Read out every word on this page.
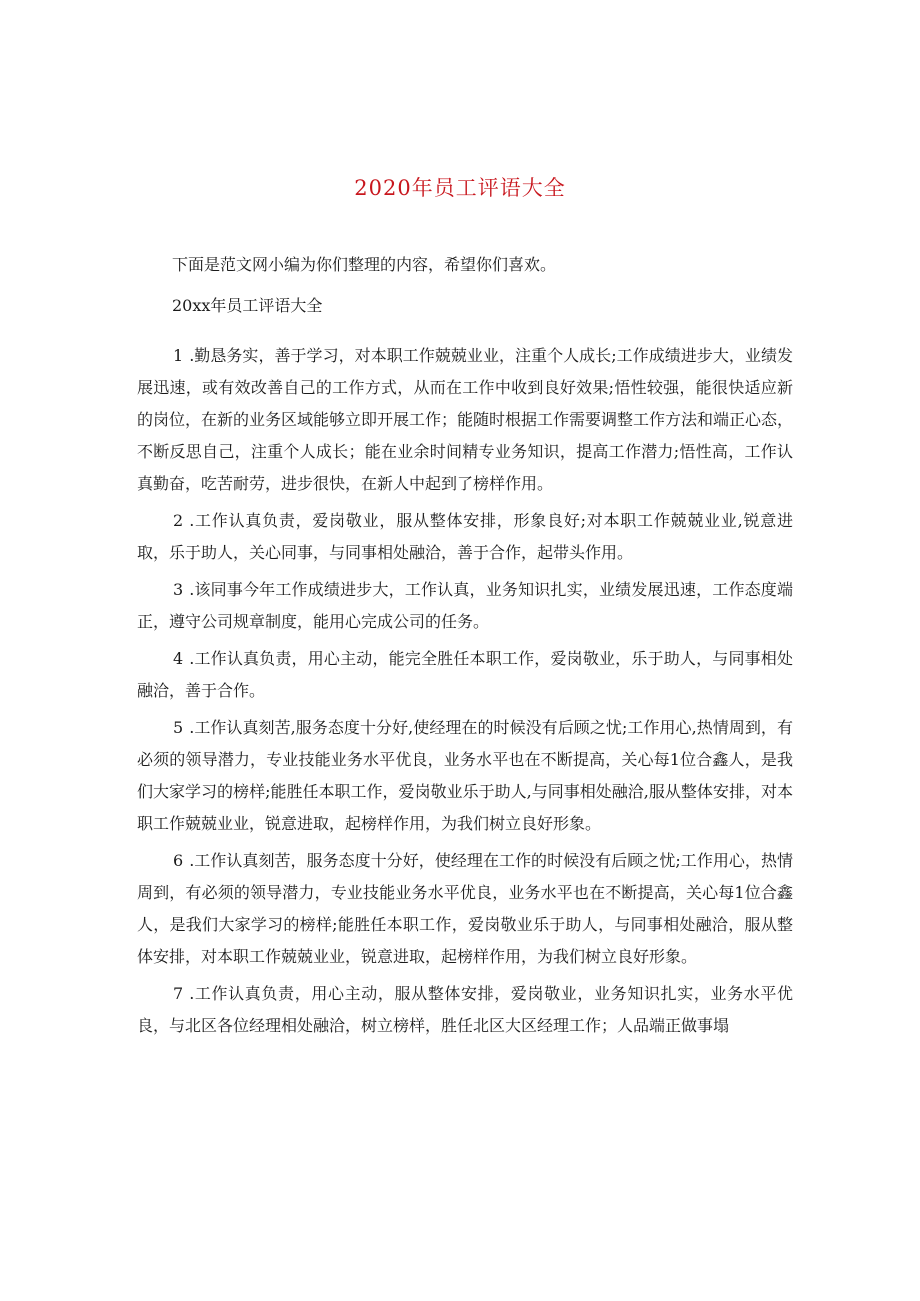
2020年员工评语大全

下面是范文网小编为你们整理的内容，希望你们喜欢。

20xx年员工评语大全

1 .勤恳务实，善于学习，对本职工作兢兢业业，注重个人成长;工作成绩进步大，业绩发展迅速，或有效改善自己的工作方式，从而在工作中收到良好效果;悟性较强，能很快适应新的岗位，在新的业务区域能够立即开展工作；能随时根据工作需要调整工作方法和端正心态，不断反思自己，注重个人成长；能在业余时间精专业务知识，提高工作潜力;悟性高，工作认真勤奋，吃苦耐劳，进步很快，在新人中起到了榜样作用。

2 .工作认真负责，爱岗敬业，服从整体安排，形象良好;对本职工作兢兢业业,锐意进取，乐于助人，关心同事，与同事相处融洽，善于合作，起带头作用。

3 .该同事今年工作成绩进步大，工作认真，业务知识扎实，业绩发展迅速，工作态度端正，遵守公司规章制度，能用心完成公司的任务。

4 .工作认真负责，用心主动，能完全胜任本职工作，爱岗敬业，乐于助人，与同事相处融洽，善于合作。

5 .工作认真刻苦,服务态度十分好,使经理在的时候没有后顾之忧;工作用心,热情周到，有必须的领导潜力，专业技能业务水平优良，业务水平也在不断提高，关心每1位合鑫人，是我们大家学习的榜样;能胜任本职工作，爱岗敬业乐于助人,与同事相处融洽,服从整体安排，对本职工作兢兢业业，锐意进取，起榜样作用，为我们树立良好形象。

6 .工作认真刻苦，服务态度十分好，使经理在工作的时候没有后顾之忧;工作用心，热情周到，有必须的领导潜力，专业技能业务水平优良，业务水平也在不断提高，关心每1位合鑫人，是我们大家学习的榜样;能胜任本职工作，爱岗敬业乐于助人，与同事相处融洽，服从整体安排，对本职工作兢兢业业，锐意进取，起榜样作用，为我们树立良好形象。

7 .工作认真负责，用心主动，服从整体安排，爱岗敬业，业务知识扎实，业务水平优良，与北区各位经理相处融洽，树立榜样，胜任北区大区经理工作；人品端正做事塌
